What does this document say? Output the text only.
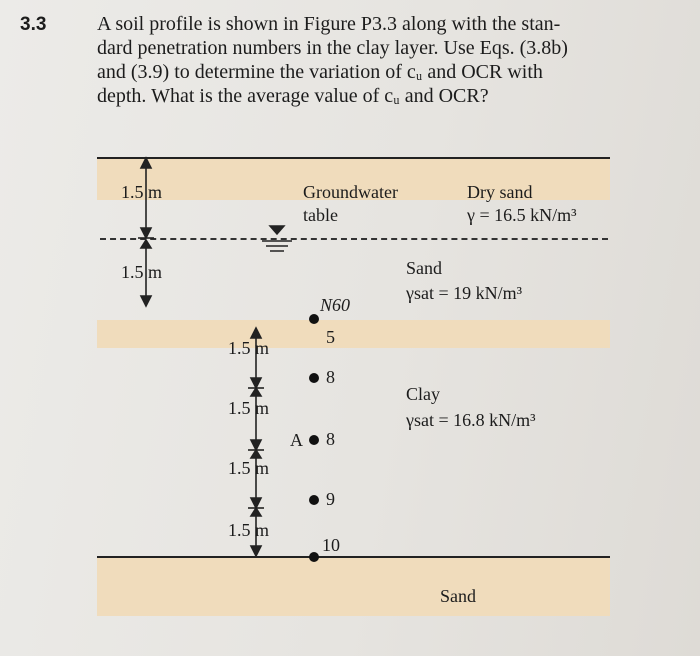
3.3	A soil profile is shown in Figure P3.3 along with the stan-
dard penetration numbers in the clay layer. Use Eqs. (3.8b)
and (3.9) to determine the variation of cᵤ and OCR with
depth. What is the average value of cᵤ and OCR?
1.5 m	Groundwater
table
Dry sand
γ = 16.5 kN/m³
1.5 m	Sand
γsat = 19 kN/m³
N60
1.5 m
1.5 m
1.5 m
1.5 m
Clay
γsat = 16.8 kN/m³
5
8
A 8
9
10
Sand
